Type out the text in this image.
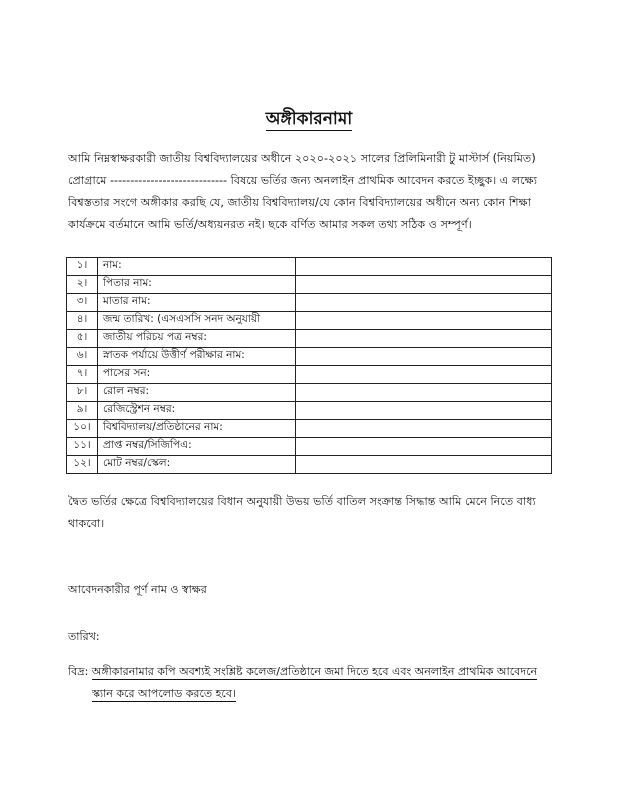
অঙ্গীকারনামা
আমি নিম্নস্বাক্ষরকারী জাতীয় বিশ্ববিদ্যালয়ের অধীনে ২০২০-২০২১ সালের প্রিলিমিনারী টু মাস্টার্স (নিয়মিত)
প্রোগ্রামে ----------------------------- বিষয়ে ভর্তির জন্য অনলাইন প্রাথমিক আবেদন করতে ইচ্ছুক। এ লক্ষ্যে
বিশ্বস্ততার সংগে অঙ্গীকার করছি যে, জাতীয় বিশ্ববিদ্যালয়/যে কোন বিশ্ববিদ্যালয়ের অধীনে অন্য কোন শিক্ষা
কার্যক্রমে বর্তমানে আমি ভর্তি/অধ্যয়নরত নই। ছকে বর্ণিত আমার সকল তথ্য সঠিক ও সম্পূর্ণ।
১।	নাম:	
২।	পিতার নাম:	
৩।	মাতার নাম:	
৪।	জন্ম তারিখ: (এসএসসি সনদ অনুযায়ী	
৫।	জাতীয় পরিচয় পত্র নম্বর:	
৬।	স্নাতক পর্যায়ে উত্তীর্ণ পরীক্ষার নাম:	
৭।	পাসের সন:	
৮।	রোল নম্বর:	
৯।	রেজিস্ট্রেশন নম্বর:	
১০।	বিশ্ববিদ্যালয়/প্রতিষ্ঠানের নাম:	
১১।	প্রাপ্ত নম্বর/সিজিপিএ:	
১২।	মোট নম্বর/স্কেল:	
দ্বৈত ভর্তির ক্ষেত্রে বিশ্ববিদ্যালয়ের বিধান অনুযায়ী উভয় ভর্তি বাতিল সংক্রান্ত সিদ্ধান্ত আমি মেনে নিতে বাধ্য
থাকবো।
আবেদনকারীর পূর্ণ নাম ও স্বাক্ষর
তারিখ:
বিদ্র: অঙ্গীকারনামার কপি অবশ্যই সংশ্লিষ্ট কলেজ/প্রতিষ্ঠানে জমা দিতে হবে এবং অনলাইন প্রাথমিক আবেদনে
স্ক্যান করে আপলোড করতে হবে।
